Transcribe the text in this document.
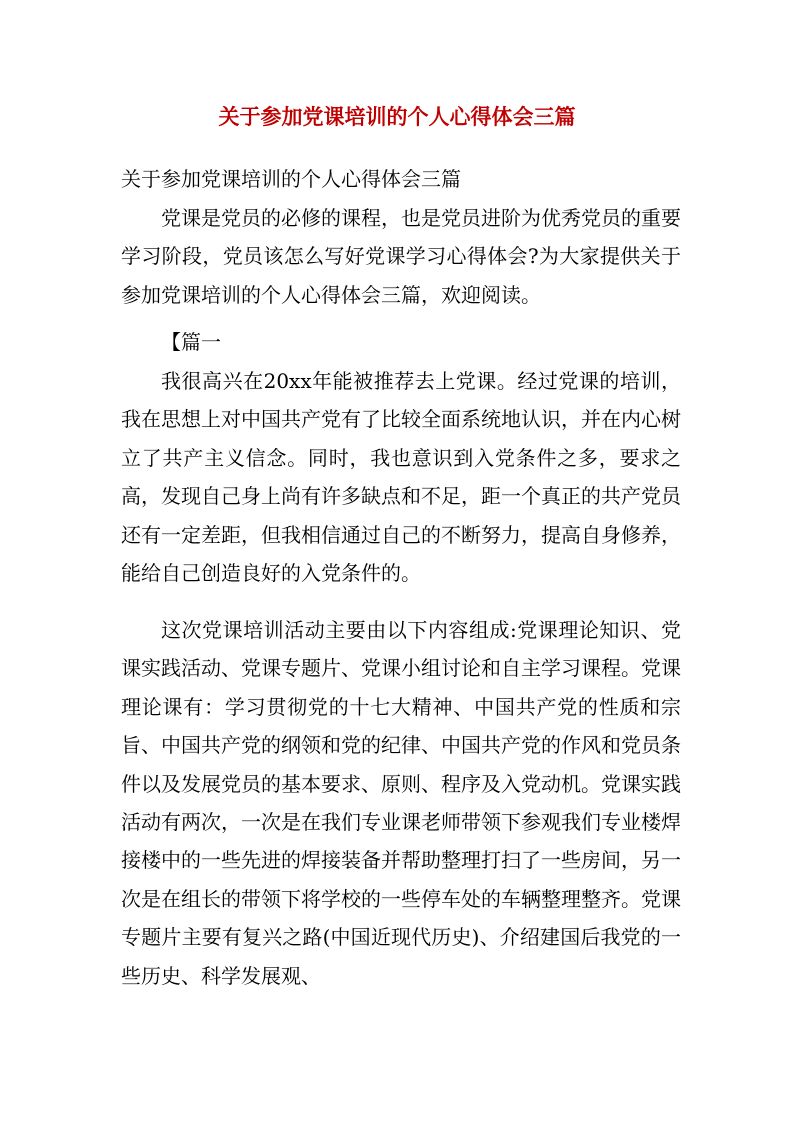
关于参加党课培训的个人心得体会三篇

关于参加党课培训的个人心得体会三篇

党课是党员的必修的课程，也是党员进阶为优秀党员的重要学习阶段，党员该怎么写好党课学习心得体会?为大家提供关于参加党课培训的个人心得体会三篇，欢迎阅读。

【篇一

我很高兴在20xx年能被推荐去上党课。经过党课的培训，我在思想上对中国共产党有了比较全面系统地认识，并在内心树立了共产主义信念。同时，我也意识到入党条件之多，要求之高，发现自己身上尚有许多缺点和不足，距一个真正的共产党员还有一定差距，但我相信通过自己的不断努力，提高自身修养，能给自己创造良好的入党条件的。

这次党课培训活动主要由以下内容组成:党课理论知识、党课实践活动、党课专题片、党课小组讨论和自主学习课程。党课理论课有：学习贯彻党的十七大精神、中国共产党的性质和宗旨、中国共产党的纲领和党的纪律、中国共产党的作风和党员条件以及发展党员的基本要求、原则、程序及入党动机。党课实践活动有两次，一次是在我们专业课老师带领下参观我们专业楼焊接楼中的一些先进的焊接装备并帮助整理打扫了一些房间，另一次是在组长的带领下将学校的一些停车处的车辆整理整齐。党课专题片主要有复兴之路(中国近现代历史)、介绍建国后我党的一些历史、科学发展观、
